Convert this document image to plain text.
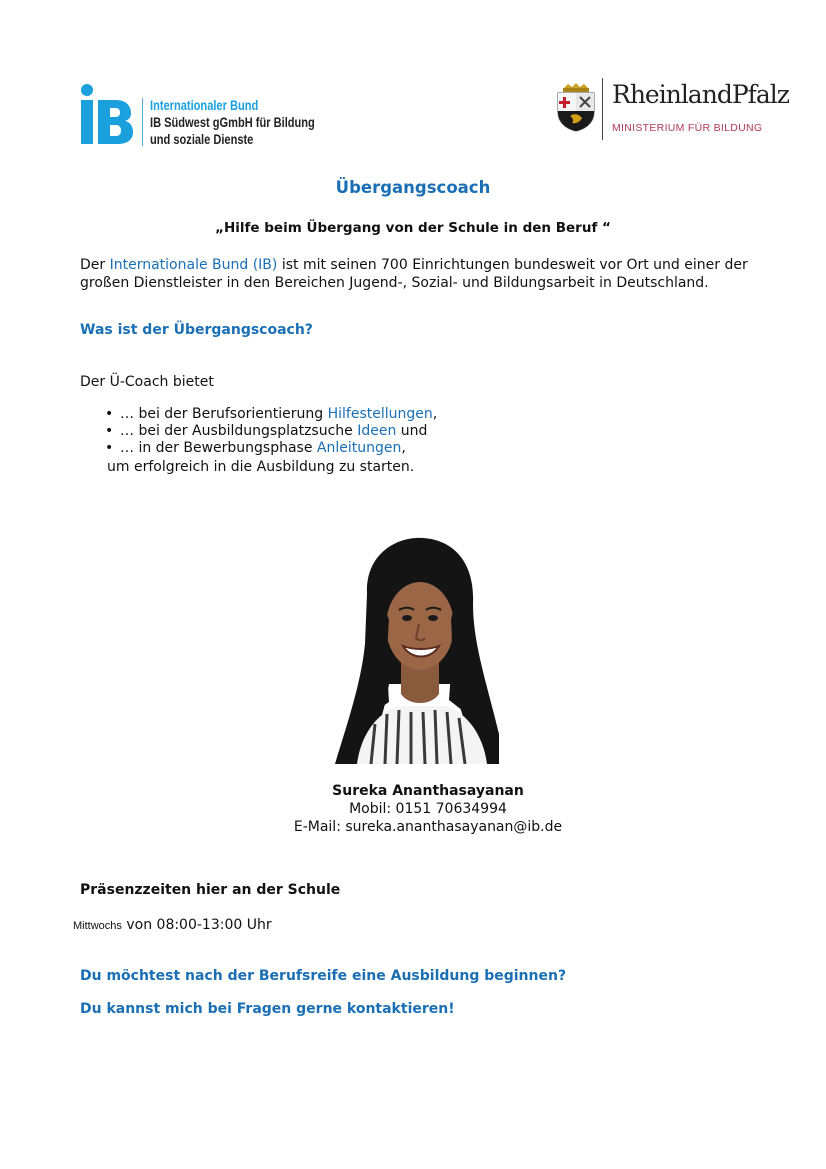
Internationaler Bund
IB Südwest gGmbH für Bildung
und soziale Dienste
RheinlandPfalz
MINISTERIUM FÜR BILDUNG
Übergangscoach
„Hilfe beim Übergang von der Schule in den Beruf “
Der Internationale Bund (IB) ist mit seinen 700 Einrichtungen bundesweit vor Ort und einer der großen Dienstleister in den Bereichen Jugend-, Sozial- und Bildungsarbeit in Deutschland.
Was ist der Übergangscoach?
Der Ü-Coach bietet
• … bei der Berufsorientierung Hilfestellungen,
• … bei der Ausbildungsplatzsuche Ideen und
• … in der Bewerbungsphase Anleitungen,
um erfolgreich in die Ausbildung zu starten.
Sureka Ananthasayanan
Mobil: 0151 70634994
E-Mail: sureka.ananthasayanan@ib.de
Präsenzzeiten hier an der Schule
Mittwochs von 08:00-13:00 Uhr
Du möchtest nach der Berufsreife eine Ausbildung beginnen?
Du kannst mich bei Fragen gerne kontaktieren!
